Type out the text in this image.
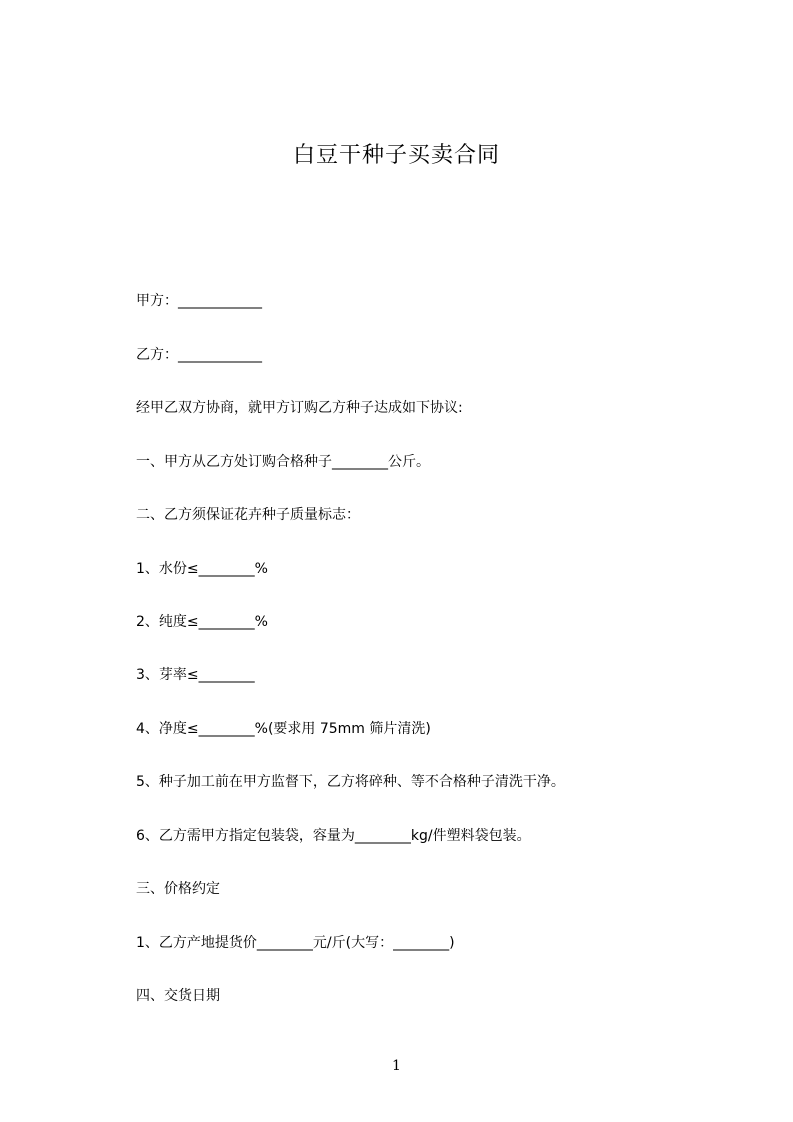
白豆干种子买卖合同
甲方：____________
乙方：____________
经甲乙双方协商，就甲方订购乙方种子达成如下协议:
一、甲方从乙方处订购合格种子________公斤。
二、乙方须保证花卉种子质量标志：
1、水份≤________%
2、纯度≤________%
3、芽率≤________
4、净度≤________%(要求用 75mm 筛片清洗)
5、种子加工前在甲方监督下，乙方将碎种、等不合格种子清洗干净。
6、乙方需甲方指定包装袋，容量为________kg/件塑料袋包装。
三、价格约定
1、乙方产地提货价________元/斤(大写：________)
四、交货日期
1
